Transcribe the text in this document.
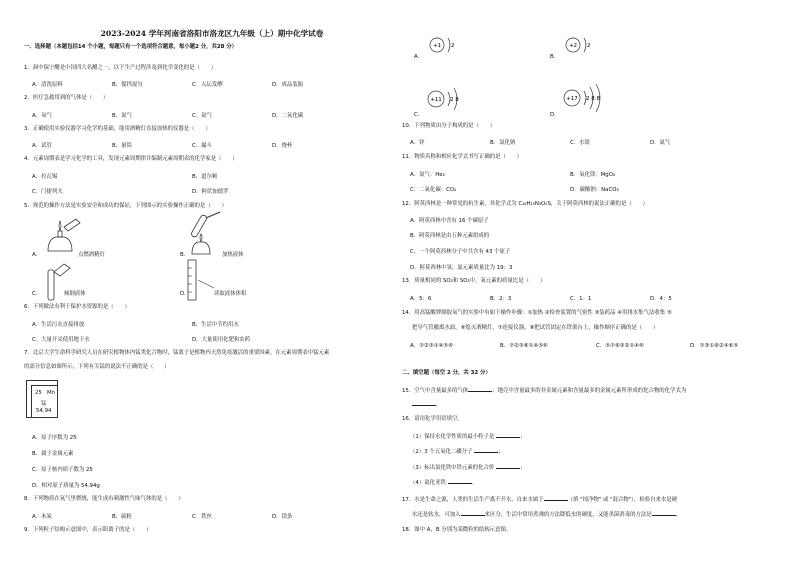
2023-2024 学年河南省洛阳市洛龙区九年级（上）期中化学试卷
一、选择题（本题包括14 个小题，每题只有一个选项符合题意，每小题2 分，共28 分）
1．洞中保宁醋是中国四大名醋之一，以下生产过程涉及到化学变化的是（　　）
A．清洗原料	B．搅拌混匀	C．入坛发酵	D．成品装瓶
2．医疗急救用到的气体是（　　）
A．氧气	B．氮气	C．氦气	D．二氧化碳
3．正确使用实验仪器学习化学的基础，能用酒精灯直接加热的仪器是（　　）
A．试管	B．量筒	C．漏斗	D．烧杯
4．元素周期表是学习化学的工具，发现元素周期律并编制元素周期表的化学家是（　　）
A．拉瓦锡	B．道尔顿
C．门捷列夫	D．阿伏加德罗
5．规范的操作方法是实验安全和成功的保证，下列图示的实验操作正确的是（　　）
A．	点燃酒精灯	B．	加热液体
C．	倾倒液体	D．	读取液体体积
6．下列做法有利于保护水资源的是（　　）
A．生活污水直接排放	B．生活中节约用水
C．大量开采使用地下水	D．大量使用化肥和农药
7．北京大学生命科学研究人员在研究植物体内锰类化合物时，锰离子是植物内天然免疫激活的重要因素。在元素周期表中锰元素
的部分信息如图所示，下列有关锰的说法不正确的是（　　）
25 Mn
锰
54.94
A．原子序数为 25
B．属于金属元素
C．原子核内质子数为 25
D．相对原子质量为 54.94g
8．下列物质在氧气里燃烧，能生成有刺激性气味气体的是（　　）
A．木炭	B．硫粉	C．铁丝	D．镁条
9．下列粒子结构示意图中，表示阳离子的是（　　）
A．
+1 2
B．
+2 2
C．
+11 2 8
D．
+17 2 8 8
10．下列物质由分子构成的是（　　）
A．锌	B．氯化钠	C．水银	D．氮气
11．物质名称和相应化学式书写正确的是（　　）
A．氮气：He₂	B．氧化镁：MgO₂
C．二氧化碳：CO₂	D．碳酸钠：NaCO₃
12．阿莫西林是一种常见的抗生素，其化学式为 C₁₆H₁₉N₃O₅S，关于阿莫西林的说法正确的是（　　）
A．阿莫西林中含有 16 个碳原子
B．阿莫西林是由五种元素组成的
C．一个阿莫西林分子中共含有 43 个原子
D．阿莫西林中氢、氮元素质量比为 19：3
13．质量相同的 SO₂和 SO₃中，氧元素的质量比是（　　）
A．5：6	B．2：3	C．1：1	D．4：5
14．用高锰酸钾制取氧气的实验中有如下操作步骤：①加热 ②检查装置的气密性 ③装药品 ④用排水集气法收集 ⑤
把导气管撤离水面，⑥熄灭酒精灯，⑦连接仪器，⑧把试管固定在铁架台上，操作顺序正确的是（　　）
A．⑦②③①④⑤⑥	B．⑦②③⑧①④⑤⑥	C．⑤⑦⑧③②①④⑥	D．⑦③①⑧②④⑥⑤
二、填空题（每空 2 分，共 32 分）
15．空气中含量最多的气体	；地壳中含量最多的非金属元素和含量最多的金属元素所形成的化合物的化学式为
。
16．请用化学用语填空。
（1）保持水化学性质的最小粒子是	；
（2）3 个五氧化二磷分子	；
（3）标出氯化铁中铁元素的化合价	；
（4）氦化亚铁	。
17．水是生命之源，人类的生活生产离不开水，自来水属于	（填 "纯净物" 或 "混合物"），检验自来水是硬
水还是软水，可加入	来区分，生活中常用煮沸的方法降低水的硬度，又能杀菌消毒的方法是	。
18．图中 A、B 分别为某微粒的结构示意图。
